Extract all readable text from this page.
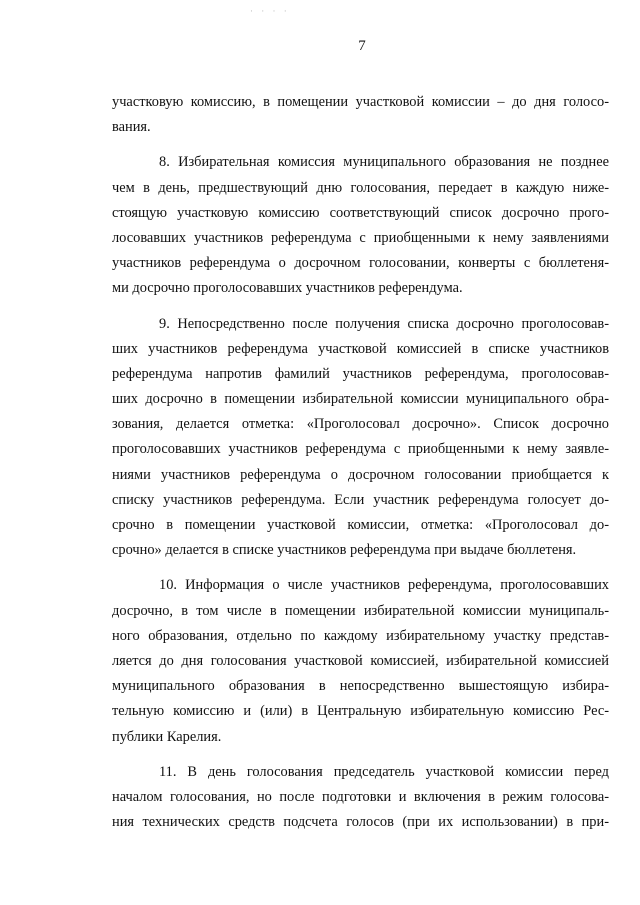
· · · ·
7
участковую комиссию, в помещении участковой комиссии – до дня голосо-
вания.
8. Избирательная комиссия муниципального образования не позднее
чем в день, предшествующий дню голосования, передает в каждую ниже-
стоящую участковую комиссию соответствующий список досрочно прого-
лосовавших участников референдума с приобщенными к нему заявлениями
участников референдума о досрочном голосовании, конверты с бюллетеня-
ми досрочно проголосовавших участников референдума.
9. Непосредственно после получения списка досрочно проголосовав-
ших участников референдума участковой комиссией в списке участников
референдума напротив фамилий участников референдума, проголосовав-
ших досрочно в помещении избирательной комиссии муниципального обра-
зования, делается отметка: «Проголосовал досрочно». Список досрочно
проголосовавших участников референдума с приобщенными к нему заявле-
ниями участников референдума о досрочном голосовании приобщается к
списку участников референдума. Если участник референдума голосует до-
срочно в помещении участковой комиссии, отметка: «Проголосовал до-
срочно» делается в списке участников референдума при выдаче бюллетеня.
10. Информация о числе участников референдума, проголосовавших
досрочно, в том числе в помещении избирательной комиссии муниципаль-
ного образования, отдельно по каждому избирательному участку представ-
ляется до дня голосования участковой комиссией, избирательной комиссией
муниципального образования в непосредственно вышестоящую избира-
тельную комиссию и (или) в Центральную избирательную комиссию Рес-
публики Карелия.
11. В день голосования председатель участковой комиссии перед
началом голосования, но после подготовки и включения в режим голосова-
ния технических средств подсчета голосов (при их использовании) в при-
